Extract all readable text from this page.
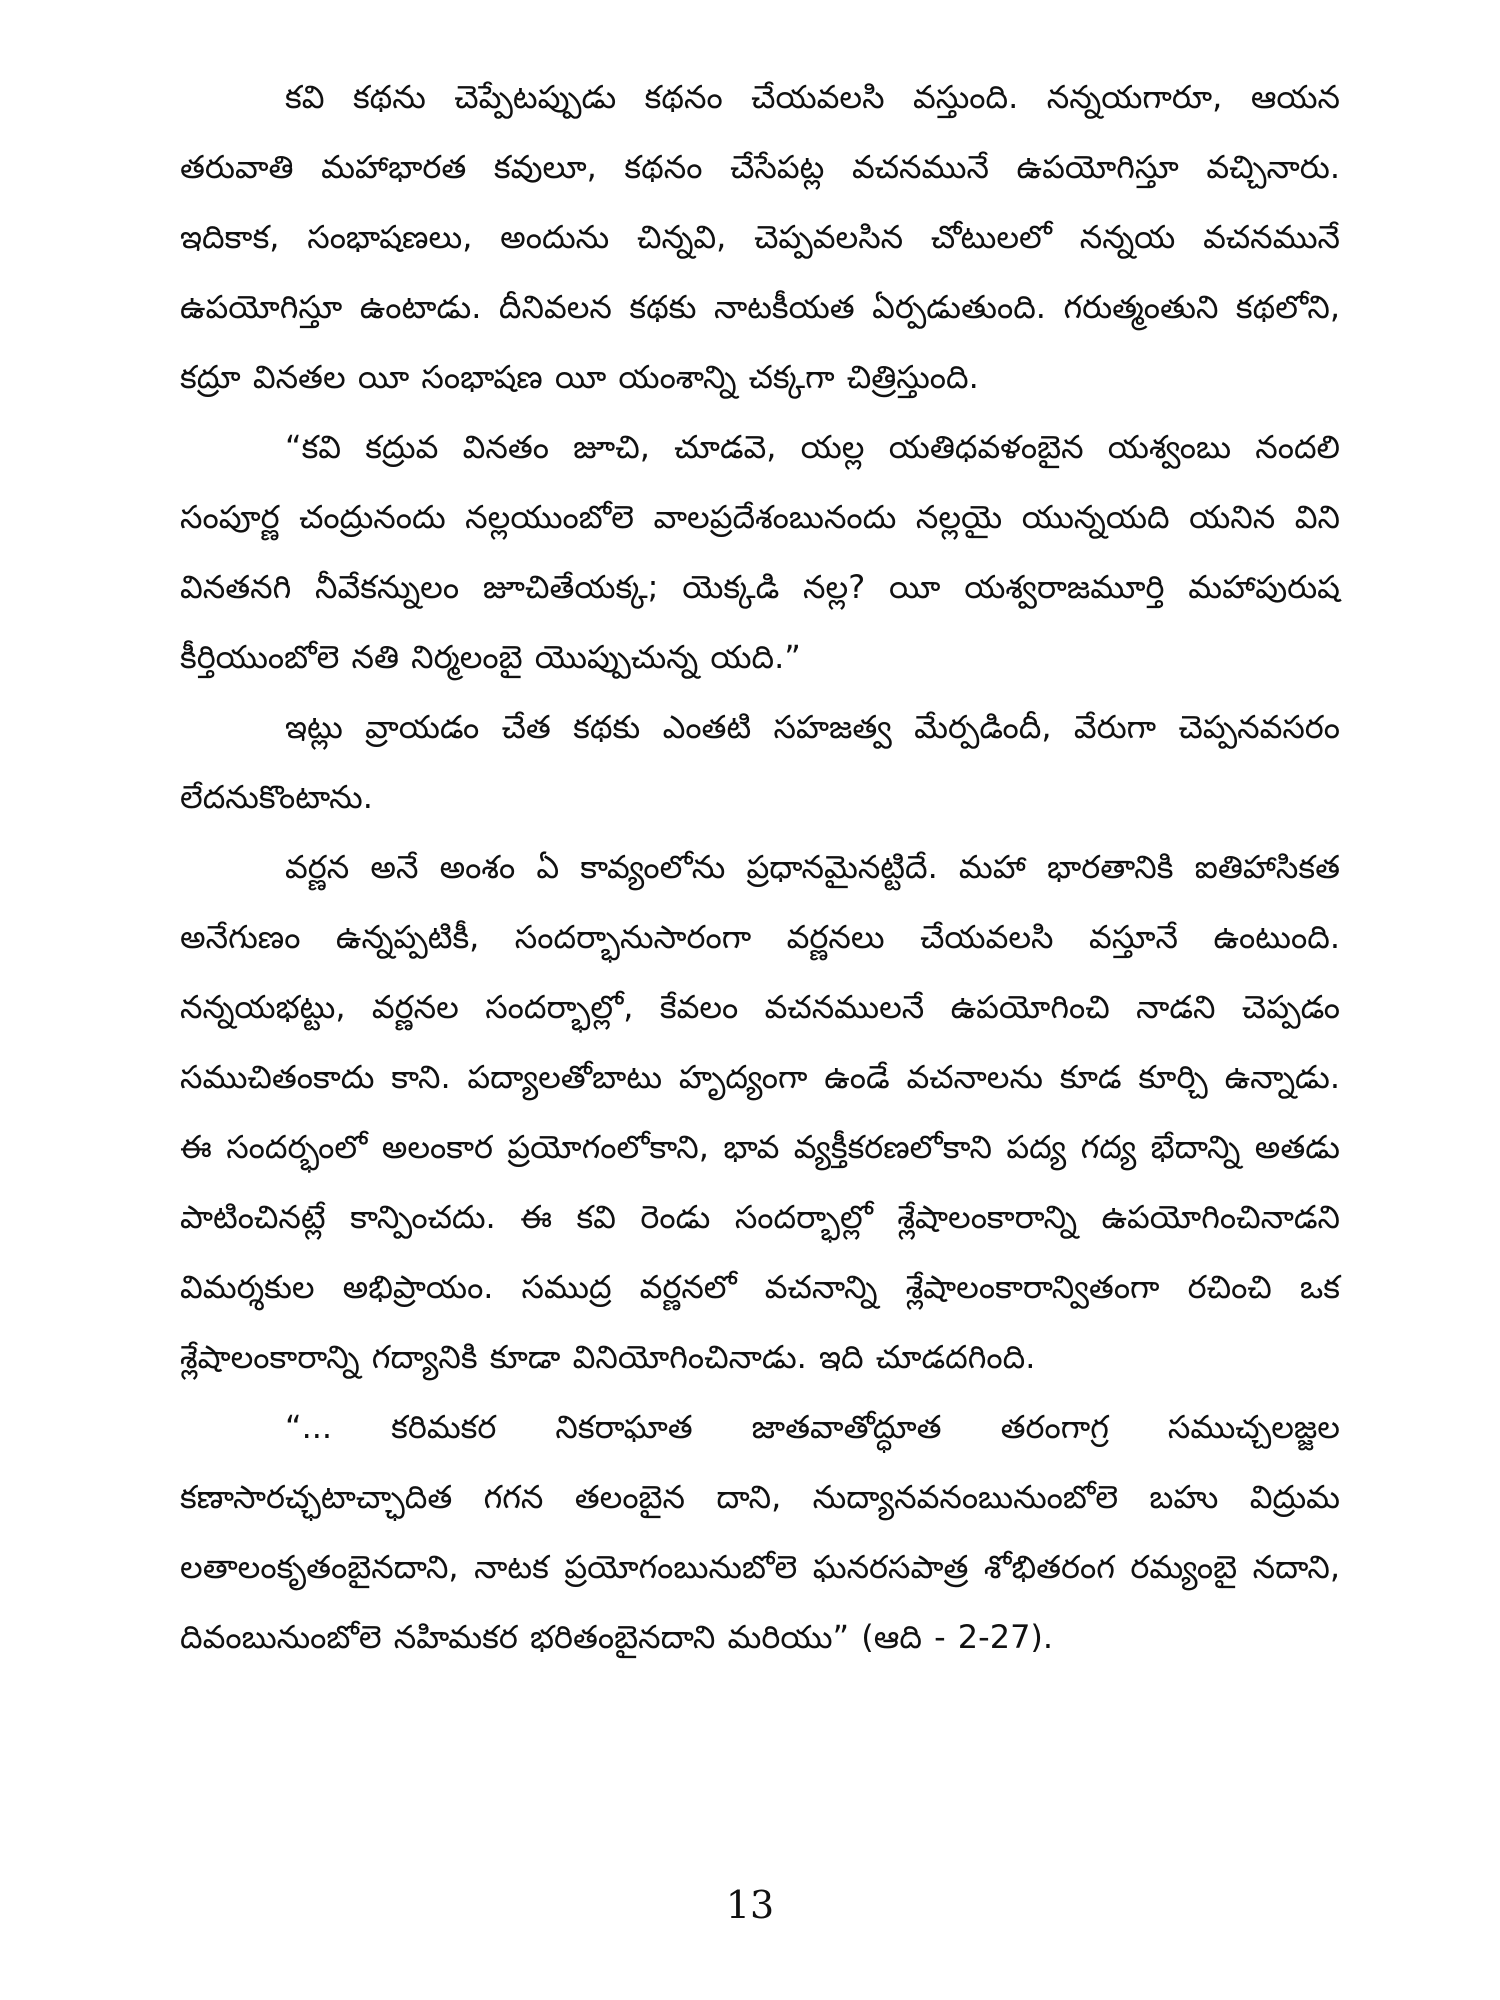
కవి కథను చెప్పేటప్పుడు కథనం చేయవలసి వస్తుంది. నన్నయగారూ, ఆయన తరువాతి మహాభారత కవులూ, కథనం చేసేపట్ల వచనమునే ఉపయోగిస్తూ వచ్చినారు. ఇదికాక, సంభాషణలు, అందును చిన్నవి, చెప్పవలసిన చోటులలో నన్నయ వచనమునే ఉపయోగిస్తూ ఉంటాడు. దీనివలన కథకు నాటకీయత ఏర్పడుతుంది. గరుత్మంతుని కథలోని, కద్రూ వినతల యీ సంభాషణ యీ యంశాన్ని చక్కగా చిత్రిస్తుంది.

“కవి కద్రువ వినతం జూచి, చూడవె, యల్ల యతిధవళంబైన యశ్వంబు నందలి సంపూర్ణ చంద్రునందు నల్లయుంబోలె వాలప్రదేశంబునందు నల్లయై యున్నయది యనిన విని వినతనగి నీవేకన్నులం జూచితేయక్క; యెక్కడి నల్ల? యీ యశ్వరాజమూర్తి మహాపురుష కీర్తియుంబోలె నతి నిర్మలంబై యొప్పుచున్న యది.”

ఇట్లు వ్రాయడం చేత కథకు ఎంతటి సహజత్వ మేర్పడిందీ, వేరుగా చెప్పనవసరం లేదనుకొంటాను.

వర్ణన అనే అంశం ఏ కావ్యంలోను ప్రధానమైనట్టిదే. మహా భారతానికి ఐతిహాసికత అనేగుణం ఉన్నప్పటికీ, సందర్భానుసారంగా వర్ణనలు చేయవలసి వస్తూనే ఉంటుంది. నన్నయభట్టు, వర్ణనల సందర్భాల్లో, కేవలం వచనములనే ఉపయోగించి నాడని చెప్పడం సముచితంకాదు కాని. పద్యాలతోబాటు హృద్యంగా ఉండే వచనాలను కూడ కూర్చి ఉన్నాడు. ఈ సందర్భంలో అలంకార ప్రయోగంలోకాని, భావ వ్యక్తీకరణలోకాని పద్య గద్య భేదాన్ని అతడు పాటించినట్లే కాన్పించదు. ఈ కవి రెండు సందర్భాల్లో శ్లేషాలంకారాన్ని ఉపయోగించినాడని విమర్శకుల అభిప్రాయం. సముద్ర వర్ణనలో వచనాన్ని శ్లేషాలంకారాన్వితంగా రచించి ఒక శ్లేషాలంకారాన్ని గద్యానికి కూడా వినియోగించినాడు. ఇది చూడదగింది.

“... కరిమకర నికరాఘాత జాతవాతోద్ధూత తరంగాగ్ర సముచ్చలజ్జల కణాసారచ్ఛటాచ్ఛాదిత గగన తలంబైన దాని, నుద్యానవనంబునుంబోలె బహు విద్రుమ లతాలంకృతంబైనదాని, నాటక ప్రయోగంబునుబోలె ఘనరసపాత్ర శోభితరంగ రమ్యంబై నదాని, దివంబునుంబోలె నహిమకర భరితంబైనదాని మరియు” (ఆది - 2-27).

13
